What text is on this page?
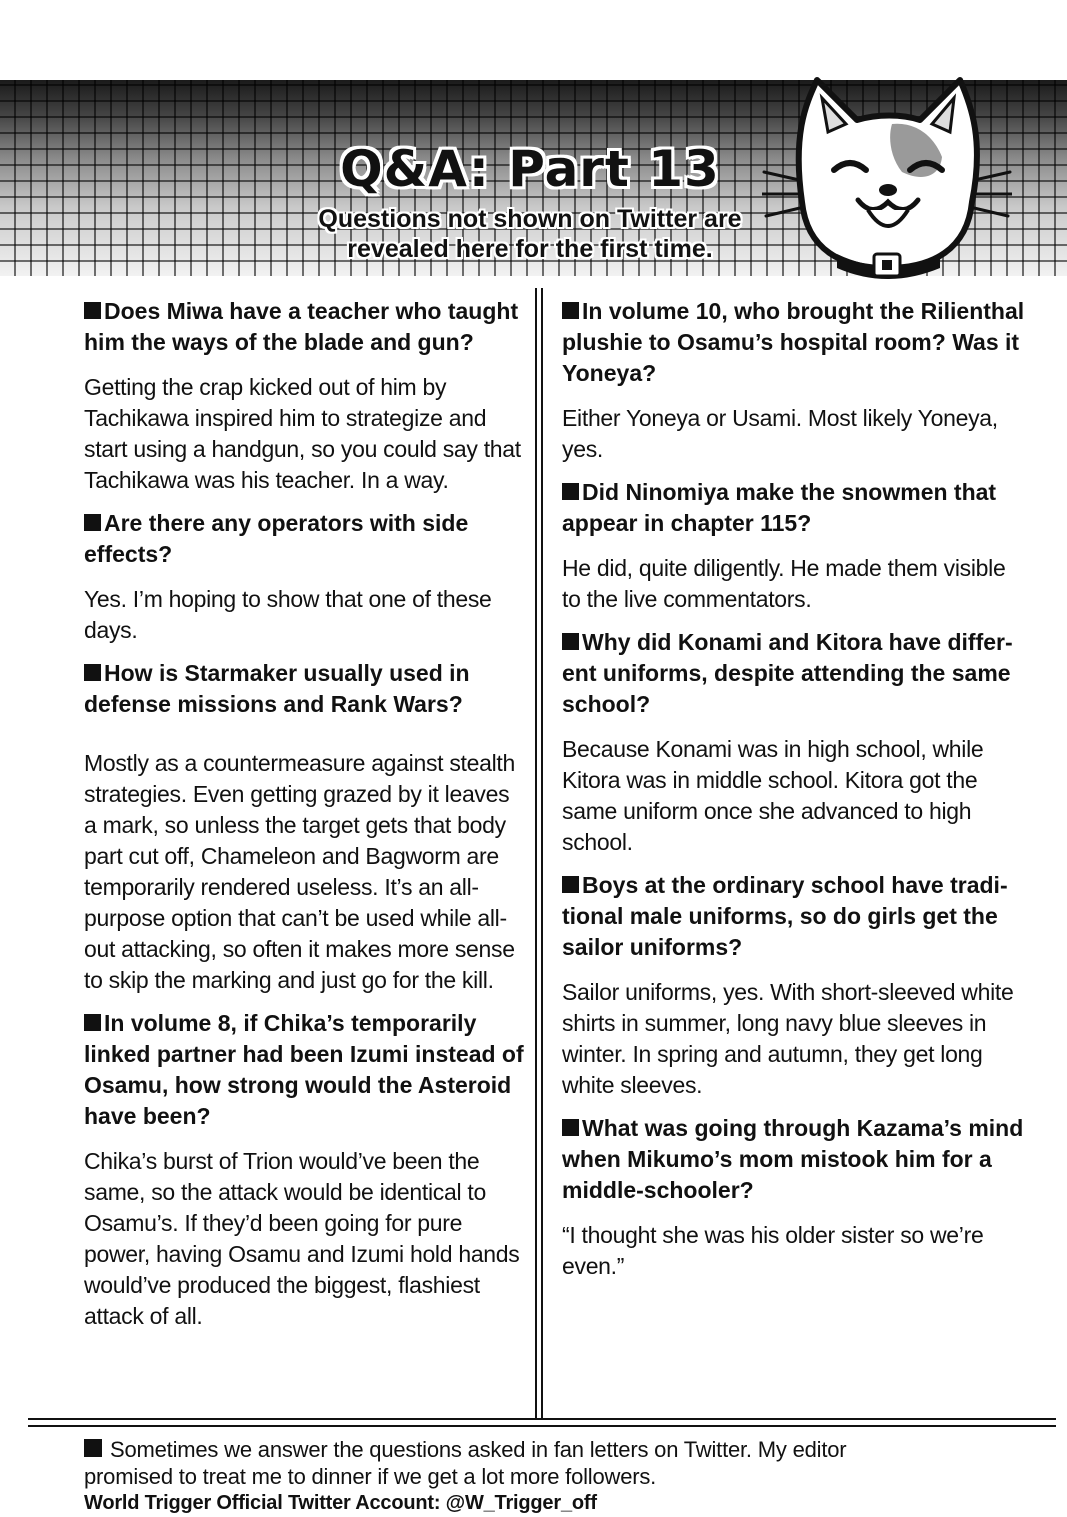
Q&A: Part 13
Questions not shown on Twitter are
revealed here for the first time.

Does Miwa have a teacher who taught him the ways of the blade and gun?

Getting the crap kicked out of him by Tachikawa inspired him to strategize and start using a handgun, so you could say that Tachikawa was his teacher. In a way.

Are there any operators with side effects?

Yes. I’m hoping to show that one of these days.

How is Starmaker usually used in defense missions and Rank Wars?

Mostly as a countermeasure against stealth strategies. Even getting grazed by it leaves a mark, so unless the target gets that body part cut off, Chameleon and Bagworm are temporarily rendered useless. It’s an all-purpose option that can’t be used while all-out attacking, so often it makes more sense to skip the marking and just go for the kill.

In volume 8, if Chika’s temporarily linked partner had been Izumi instead of Osamu, how strong would the Asteroid have been?

Chika’s burst of Trion would’ve been the same, so the attack would be identical to Osamu’s. If they’d been going for pure power, having Osamu and Izumi hold hands would’ve produced the biggest, flashiest attack of all.

In volume 10, who brought the Rilienthal plushie to Osamu’s hospital room? Was it Yoneya?

Either Yoneya or Usami. Most likely Yoneya, yes.

Did Ninomiya make the snowmen that appear in chapter 115?

He did, quite diligently. He made them visible to the live commentators.

Why did Konami and Kitora have differ-ent uniforms, despite attending the same school?

Because Konami was in high school, while Kitora was in middle school. Kitora got the same uniform once she advanced to high school.

Boys at the ordinary school have tradi-tional male uniforms, so do girls get the sailor uniforms?

Sailor uniforms, yes. With short-sleeved white shirts in summer, long navy blue sleeves in winter. In spring and autumn, they get long white sleeves.

What was going through Kazama’s mind when Mikumo’s mom mistook him for a middle-schooler?

“I thought she was his older sister so we’re even.”

Sometimes we answer the questions asked in fan letters on Twitter. My editor
promised to treat me to dinner if we get a lot more followers.
World Trigger Official Twitter Account: @W_Trigger_off
